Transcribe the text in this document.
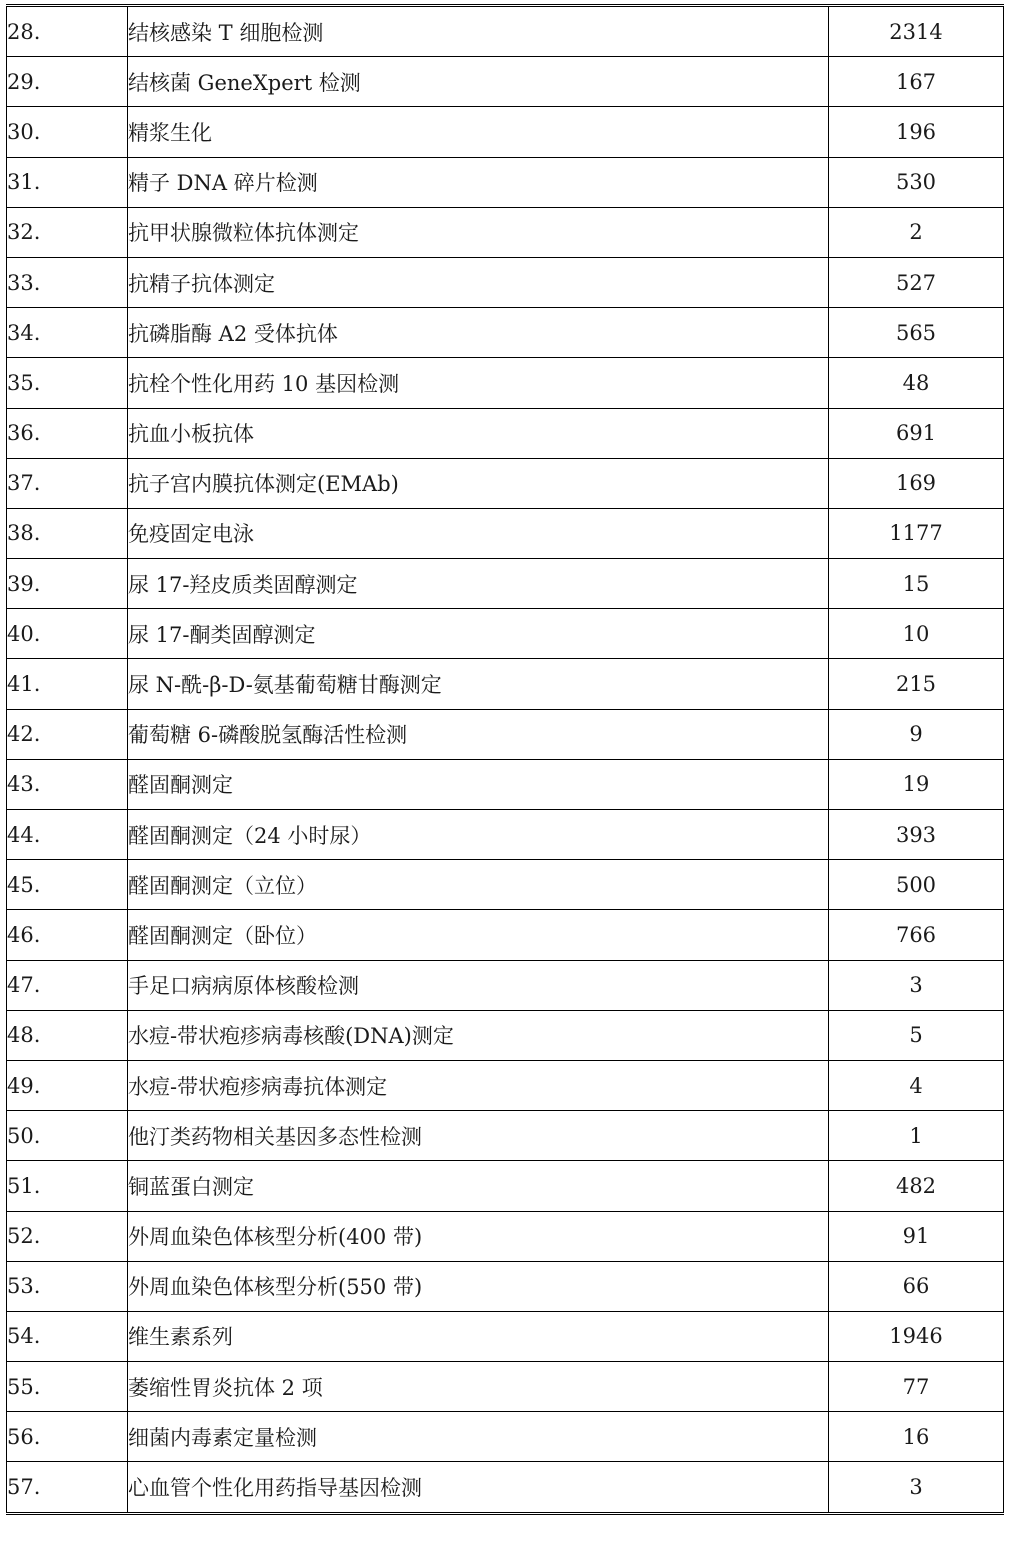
28.	结核感染 T 细胞检测	2314
29.	结核菌 GeneXpert 检测	167
30.	精浆生化	196
31.	精子 DNA 碎片检测	530
32.	抗甲状腺微粒体抗体测定	2
33.	抗精子抗体测定	527
34.	抗磷脂酶 A2 受体抗体	565
35.	抗栓个性化用药 10 基因检测	48
36.	抗血小板抗体	691
37.	抗子宫内膜抗体测定(EMAb)	169
38.	免疫固定电泳	1177
39.	尿 17-羟皮质类固醇测定	15
40.	尿 17-酮类固醇测定	10
41.	尿 N-酰-β-D-氨基葡萄糖甘酶测定	215
42.	葡萄糖 6-磷酸脱氢酶活性检测	9
43.	醛固酮测定	19
44.	醛固酮测定（24 小时尿）	393
45.	醛固酮测定（立位）	500
46.	醛固酮测定（卧位）	766
47.	手足口病病原体核酸检测	3
48.	水痘-带状疱疹病毒核酸(DNA)测定	5
49.	水痘-带状疱疹病毒抗体测定	4
50.	他汀类药物相关基因多态性检测	1
51.	铜蓝蛋白测定	482
52.	外周血染色体核型分析(400 带)	91
53.	外周血染色体核型分析(550 带)	66
54.	维生素系列	1946
55.	萎缩性胃炎抗体 2 项	77
56.	细菌内毒素定量检测	16
57.	心血管个性化用药指导基因检测	3
